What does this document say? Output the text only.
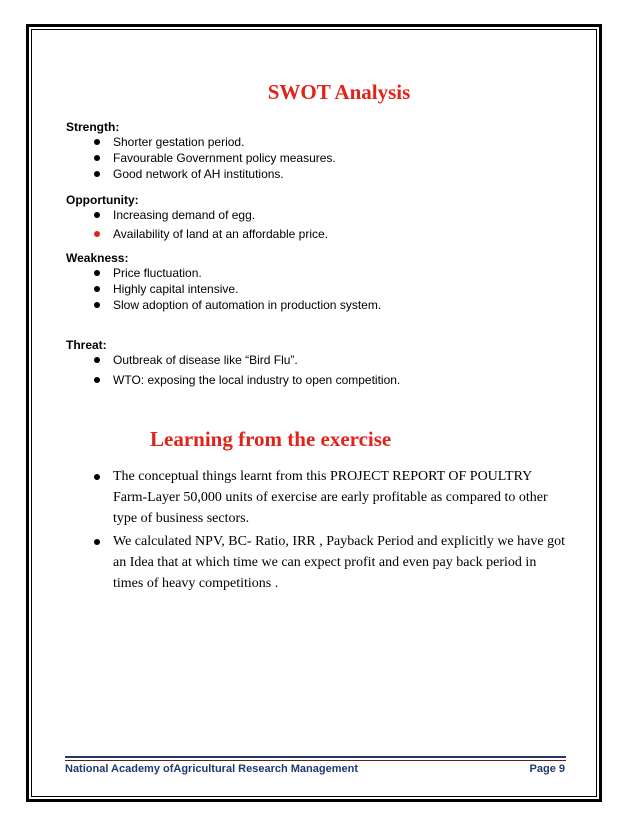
SWOT Analysis
Strength:
Shorter gestation period.
Favourable Government policy measures.
Good network of AH institutions.
Opportunity:
Increasing demand of egg.
Availability of land at an affordable price.
Weakness:
Price fluctuation.
Highly capital intensive.
Slow adoption of automation in production system.
Threat:
Outbreak of disease like “Bird Flu”.
WTO: exposing the local industry to open competition.
Learning from the exercise
The conceptual things learnt from this PROJECT REPORT OF POULTRY Farm-Layer 50,000 units of exercise are early profitable as compared to other type of business sectors.
We calculated NPV, BC- Ratio, IRR , Payback Period and explicitly we have got an Idea that at which time we can expect profit and even pay back period in times of heavy competitions .
National Academy ofAgricultural Research Management	Page 9
